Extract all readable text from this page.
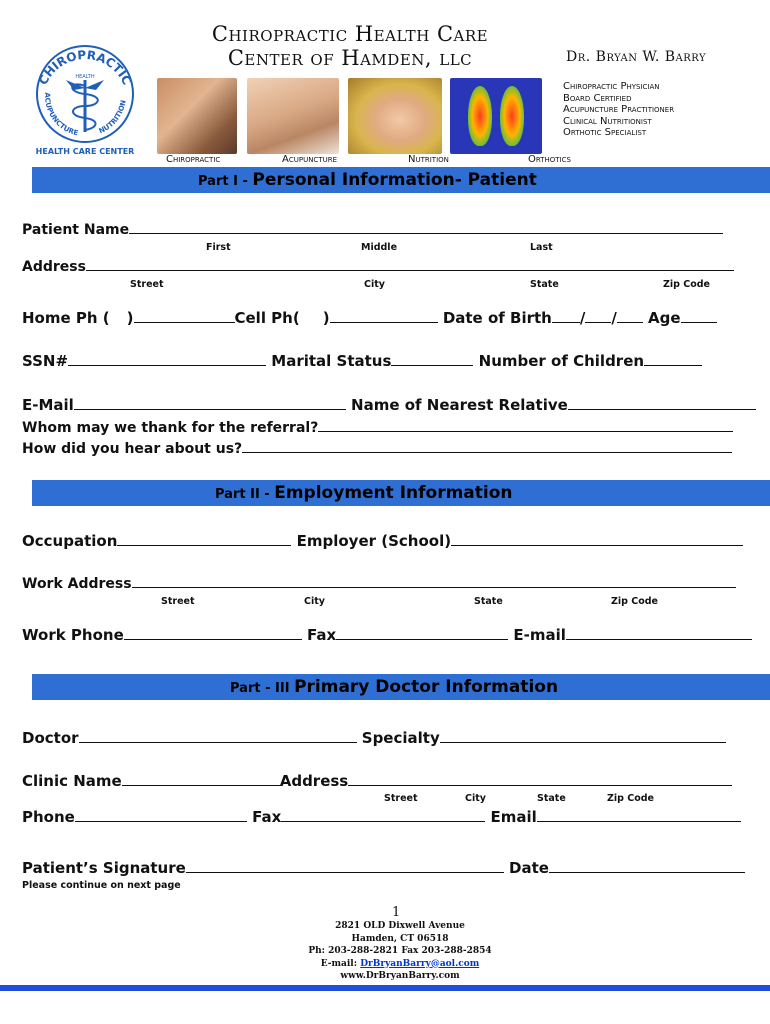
CHIROPRACTIC
ACUPUNCTURE	NUTRITION
HEALTH
HEALTH CARE CENTER
Chiropractic Health Care
Center of Hamden, llc	Dr. Bryan W. Barry
Chiropractic Physician
Board Certified
Acupuncture Practitioner
Clinical Nutritionist
Orthotic Specialist
Chiropractic	Acupuncture	Nutrition	Orthotics
Part I - Personal Information- Patient
Patient Name
First	Middle	Last
Address
Street	City	State	Zip Code
Home Ph ( )	Cell Ph( )	Date of Birth / / Age
SSN#	Marital Status	Number of Children
E-Mail	Name of Nearest Relative
Whom may we thank for the referral?
How did you hear about us?
Part II - Employment Information
Occupation	Employer (School)
Work Address
Street	City	State	Zip Code
Work Phone	Fax	E-mail
Part - III Primary Doctor Information
Doctor	Specialty
Clinic Name	Address
Street	City	State	Zip Code
Phone	Fax	Email
Patient’s Signature	Date
Please continue on next page
1
2821 OLD Dixwell Avenue
Hamden, CT 06518
Ph: 203-288-2821 Fax 203-288-2854
E-mail: DrBryanBarry@aol.com
www.DrBryanBarry.com
